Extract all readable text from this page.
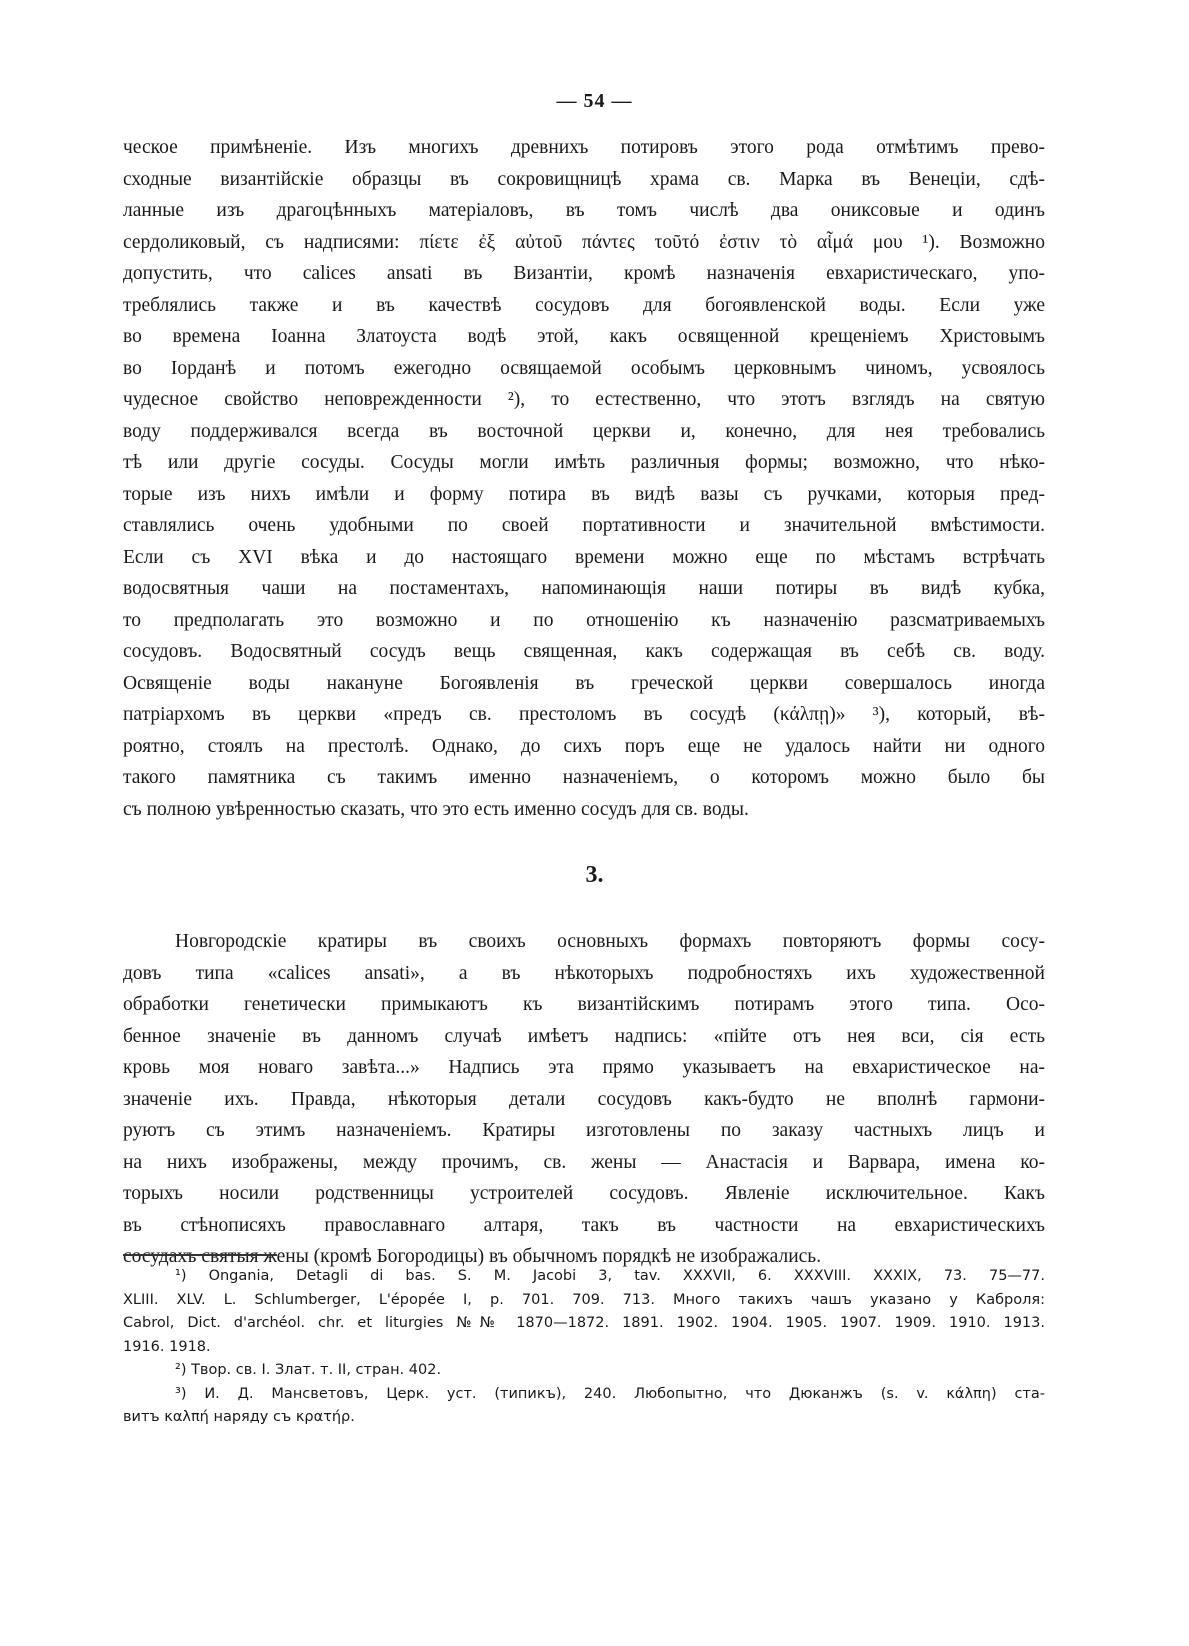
— 54 —
ческое примѣненіе. Изъ многихъ древнихъ потировъ этого рода отмѣтимъ прево-
сходные византійскіе образцы въ сокровищницѣ храма св. Марка въ Венеціи, сдѣ-
ланные изъ драгоцѣнныхъ матеріаловъ, въ томъ числѣ два ониксовые и одинъ
сердоликовый, съ надписями: πίετε ἐξ αὐτοῦ πάντες τοῦτό ἐστιν τὸ αἷμά μου ¹). Возможно
допустить, что calices ansati въ Византіи, кромѣ назначенія евхаристическаго, упо-
треблялись также и въ качествѣ сосудовъ для богоявленской воды. Если уже
во времена Іоанна Златоуста водѣ этой, какъ освященной крещеніемъ Христовымъ
во Іорданѣ и потомъ ежегодно освящаемой особымъ церковнымъ чиномъ, усвоялось
чудесное свойство неповрежденности ²), то естественно, что этотъ взглядъ на святую
воду поддерживался всегда въ восточной церкви и, конечно, для нея требовались
тѣ или другіе сосуды. Сосуды могли имѣть различныя формы; возможно, что нѣко-
торые изъ нихъ имѣли и форму потира въ видѣ вазы съ ручками, которыя пред-
ставлялись очень удобными по своей портативности и значительной вмѣстимости.
Если съ XVI вѣка и до настоящаго времени можно еще по мѣстамъ встрѣчать
водосвятныя чаши на постаментахъ, напоминающія наши потиры въ видѣ кубка,
то предполагать это возможно и по отношенію къ назначенію разсматриваемыхъ
сосудовъ. Водосвятный сосудъ вещь священная, какъ содержащая въ себѣ св. воду.
Освященіе воды накануне Богоявленія въ греческой церкви совершалось иногда
патріархомъ въ церкви «предъ св. престоломъ въ сосудѣ (κάλπῃ)» ³), который, вѣ-
роятно, стоялъ на престолѣ. Однако, до сихъ поръ еще не удалось найти ни одного
такого памятника съ такимъ именно назначеніемъ, о которомъ можно было бы
съ полною увѣренностью сказать, что это есть именно сосудъ для св. воды.
3.
Новгородскіе кратиры въ своихъ основныхъ формахъ повторяютъ формы сосу-
довъ типа «calices ansati», а въ нѣкоторыхъ подробностяхъ ихъ художественной
обработки генетически примыкаютъ къ византійскимъ потирамъ этого типа. Осо-
бенное значеніе въ данномъ случаѣ имѣетъ надпись: «пійте отъ нея вси, сія есть
кровь моя новаго завѣта...» Надпись эта прямо указываетъ на евхаристическое на-
значеніе ихъ. Правда, нѣкоторыя детали сосудовъ какъ-будто не вполнѣ гармони-
руютъ съ этимъ назначеніемъ. Кратиры изготовлены по заказу частныхъ лицъ и
на нихъ изображены, между прочимъ, св. жены — Анастасія и Варвара, имена ко-
торыхъ носили родственницы устроителей сосудовъ. Явленіе исключительное. Какъ
въ стѣнописяхъ православнаго алтаря, такъ въ частности на евхаристическихъ
сосудахъ святыя жены (кромѣ Богородицы) въ обычномъ порядкѣ не изображались.
¹) Ongania, Detagli di bas. S. M. Jacobi 3, tav. XXXVII, 6. XXXVIII. XXXIX, 73. 75—77.
XLIII. XLV. L. Schlumberger, L'épopée I, p. 701. 709. 713. Много такихъ чашъ указано у Каброля:
Cabrol, Dict. d'archéol. chr. et liturgies №№ 1870—1872. 1891. 1902. 1904. 1905. 1907. 1909. 1910. 1913.
1916. 1918.
²) Твор. св. І. Злат. т. II, стран. 402.
³) И. Д. Мансветовъ, Церк. уст. (типикъ), 240. Любопытно, что Дюканжъ (s. v. κάλπη) ста-
витъ καλπή наряду съ κρατήρ.
